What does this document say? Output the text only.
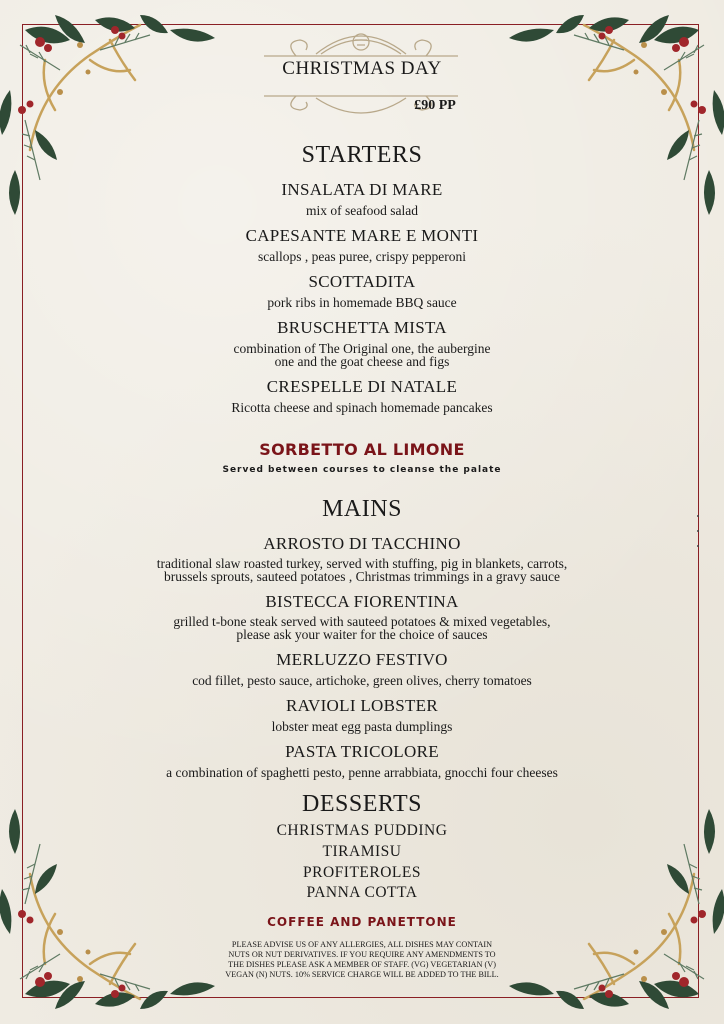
CHRISTMAS DAY
£90 PP
STARTERS
INSALATA DI MARE
mix of seafood salad
CAPESANTE MARE E MONTI
scallops , peas puree, crispy pepperoni
SCOTTADITA
pork ribs in homemade BBQ sauce
BRUSCHETTA MISTA
combination of The Original one, the aubergine
one and the goat cheese and figs
CRESPELLE DI NATALE
Ricotta cheese and spinach homemade pancakes
SORBETTO AL LIMONE
Served between courses to cleanse the palate
MAINS
ARROSTO DI TACCHINO
traditional slaw roasted turkey, served with stuffing, pig in blankets, carrots,
brussels sprouts, sauteed potatoes , Christmas trimmings in a gravy sauce
BISTECCA FIORENTINA
grilled t-bone steak served with sauteed potatoes & mixed vegetables,
please ask your waiter for the choice of sauces
MERLUZZO FESTIVO
cod fillet, pesto sauce, artichoke, green olives, cherry tomatoes
RAVIOLI LOBSTER
lobster meat egg pasta dumplings
PASTA TRICOLORE
a combination of spaghetti pesto, penne arrabbiata, gnocchi four cheeses
DESSERTS
CHRISTMAS PUDDING
TIRAMISU
PROFITEROLES
PANNA COTTA
COFFEE AND PANETTONE
PLEASE ADVISE US OF ANY ALLERGIES, ALL DISHES MAY CONTAIN
NUTS OR NUT DERIVATIVES. IF YOU REQUIRE ANY AMENDMENTS TO
THE DISHES PLEASE ASK A MEMBER OF STAFF. (VG) VEGETARIAN (V)
VEGAN (N) NUTS. 10% SERVICE CHARGE WILL BE ADDED TO THE BILL.
